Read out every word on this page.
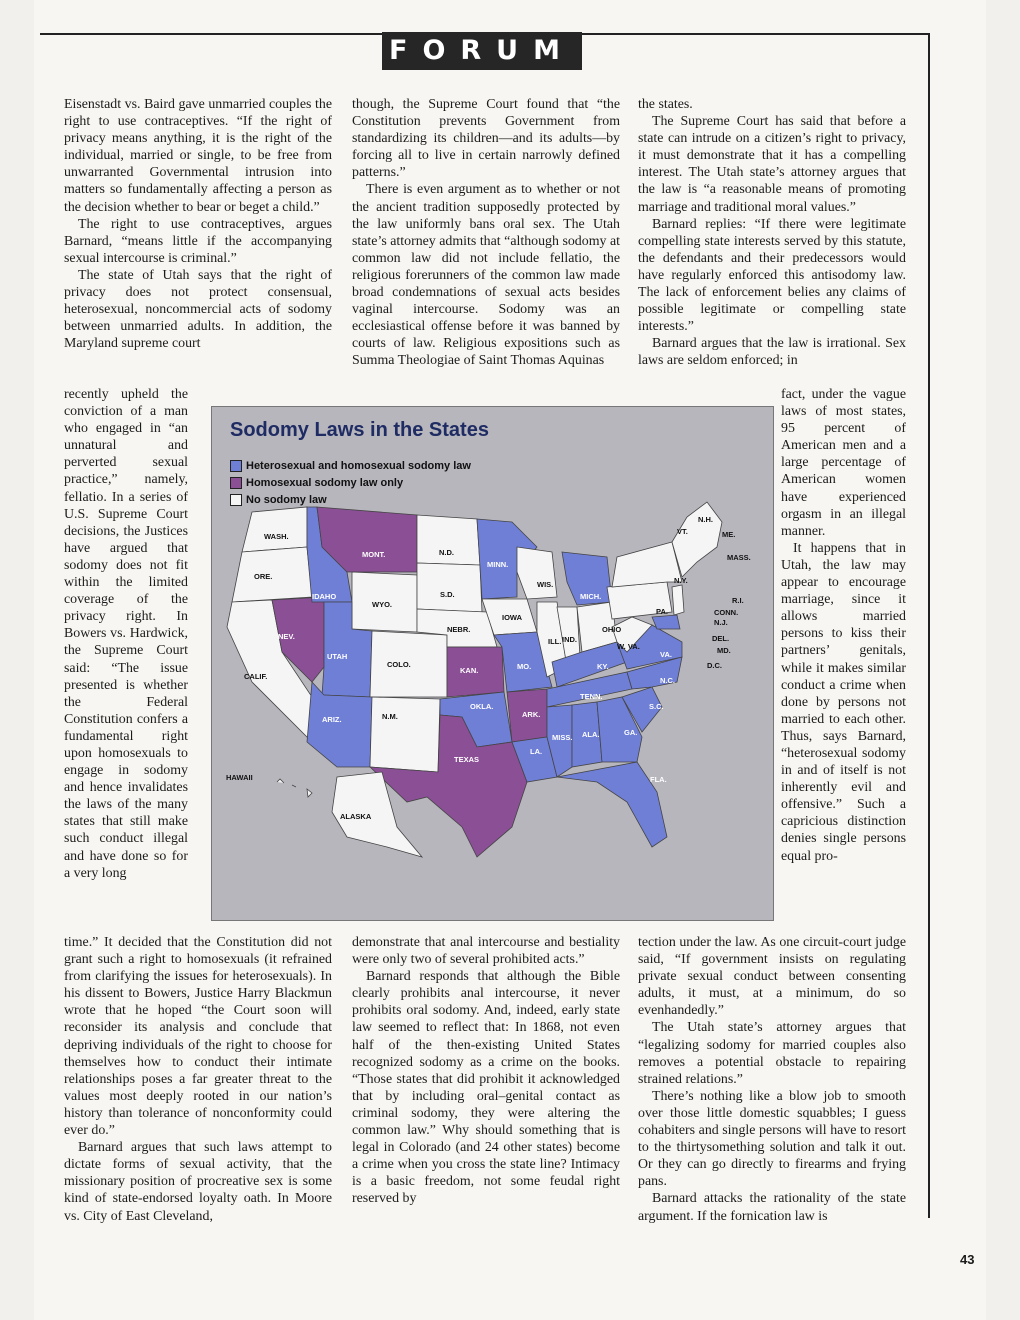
FORUM

Eisenstadt vs. Baird gave unmarried couples the right to use contraceptives. “If the right of privacy means anything, it is the right of the individual, married or single, to be free from unwarranted Governmental intrusion into matters so fundamentally affecting a person as the decision whether to bear or beget a child.”

The right to use contraceptives, argues Barnard, “means little if the accompanying sexual intercourse is criminal.”

The state of Utah says that the right of privacy does not protect consensual, heterosexual, noncommercial acts of sodomy between unmarried adults. In addition, the Maryland supreme court

though, the Supreme Court found that “the Constitution prevents Government from standardizing its children—and its adults—by forcing all to live in certain narrowly defined patterns.”

There is even argument as to whether or not the ancient tradition supposedly protected by the law uniformly bans oral sex. The Utah state’s attorney admits that “although sodomy at common law did not include fellatio, the religious forerunners of the common law made broad condemnations of sexual acts besides vaginal intercourse. Sodomy was an ecclesiastical offense before it was banned by courts of law. Religious expositions such as Summa Theologiae of Saint Thomas Aquinas

the states.

The Supreme Court has said that before a state can intrude on a citizen’s right to privacy, it must demonstrate that it has a compelling interest. The Utah state’s attorney argues that the law is “a reasonable means of promoting marriage and traditional moral values.”

Barnard replies: “If there were legitimate compelling state interests served by this statute, the defendants and their predecessors would have regularly enforced this antisodomy law. The lack of enforcement belies any claims of possible legitimate or compelling state interests.”

Barnard argues that the law is irrational. Sex laws are seldom enforced; in

recently upheld the conviction of a man who engaged in “an unnatural and perverted sexual practice,” namely, fellatio. In a series of U.S. Supreme Court decisions, the Justices have argued that sodomy does not fit within the limited coverage of the privacy right. In Bowers vs. Hardwick, the Supreme Court said: “The issue presented is whether the Federal Constitution confers a fundamental right upon homosexuals to engage in sodomy and hence invalidates the laws of the many states that still make such conduct illegal and have done so for a very long

fact, under the vague laws of most states, 95 percent of American men and a large percentage of American women have experienced orgasm in an illegal manner.

It happens that in Utah, the law may appear to encourage marriage, since it allows married persons to kiss their partners’ genitals, while it makes similar conduct a crime when done by persons not married to each other. Thus, says Barnard, “heterosexual sodomy in and of itself is not inherently evil and offensive.” Such a capricious distinction denies single persons equal pro-

Sodomy Laws in the States
Heterosexual and homosexual sodomy law
Homosexual sodomy law only
No sodomy law
WASH.
ORE.
CALIF.
NEV.
IDAHO
MONT.
WYO.
UTAH
COLO.
ARIZ.	N.M.
N.D.
S.D.
NEBR.
KAN.
OKLA.
TEXAS
MINN.
IOWA
MO.
ARK.
LA.
WIS.
ILL. IND.
MICH.
OHIO
KY.
TENN.
MISS. ALA.	GA.
FLA.
S.C.
N.C.
VA.
W. VA.
PA.
N.Y.
VT.
N.H.
ME.
MASS.
R.I.
CONN.
N.J.
DEL.
MD.
D.C.
ALASKA
HAWAII

time.” It decided that the Constitution did not grant such a right to homosexuals (it refrained from clarifying the issues for heterosexuals). In his dissent to Bowers, Justice Harry Blackmun wrote that he hoped “the Court soon will reconsider its analysis and conclude that depriving individuals of the right to choose for themselves how to conduct their intimate relationships poses a far greater threat to the values most deeply rooted in our nation’s history than tolerance of nonconformity could ever do.”

Barnard argues that such laws attempt to dictate forms of sexual activity, that the missionary position of procreative sex is some kind of state-endorsed loyalty oath. In Moore vs. City of East Cleveland,

demonstrate that anal intercourse and bestiality were only two of several prohibited acts.”

Barnard responds that although the Bible clearly prohibits anal intercourse, it never prohibits oral sodomy. And, indeed, early state law seemed to reflect that: In 1868, not even half of the then-existing United States recognized sodomy as a crime on the books. “Those states that did prohibit it acknowledged that by including oral–genital contact as criminal sodomy, they were altering the common law.” Why should something that is legal in Colorado (and 24 other states) become a crime when you cross the state line? Intimacy is a basic freedom, not some feudal right reserved by

tection under the law. As one circuit-court judge said, “If government insists on regulating private sexual conduct between consenting adults, it must, at a minimum, do so evenhandedly.”

The Utah state’s attorney argues that “legalizing sodomy for married couples also removes a potential obstacle to repairing strained relations.”

There’s nothing like a blow job to smooth over those little domestic squabbles; I guess cohabiters and single persons will have to resort to the thirtysomething solution and talk it out. Or they can go directly to firearms and frying pans.

Barnard attacks the rationality of the state argument. If the fornication law is

43
